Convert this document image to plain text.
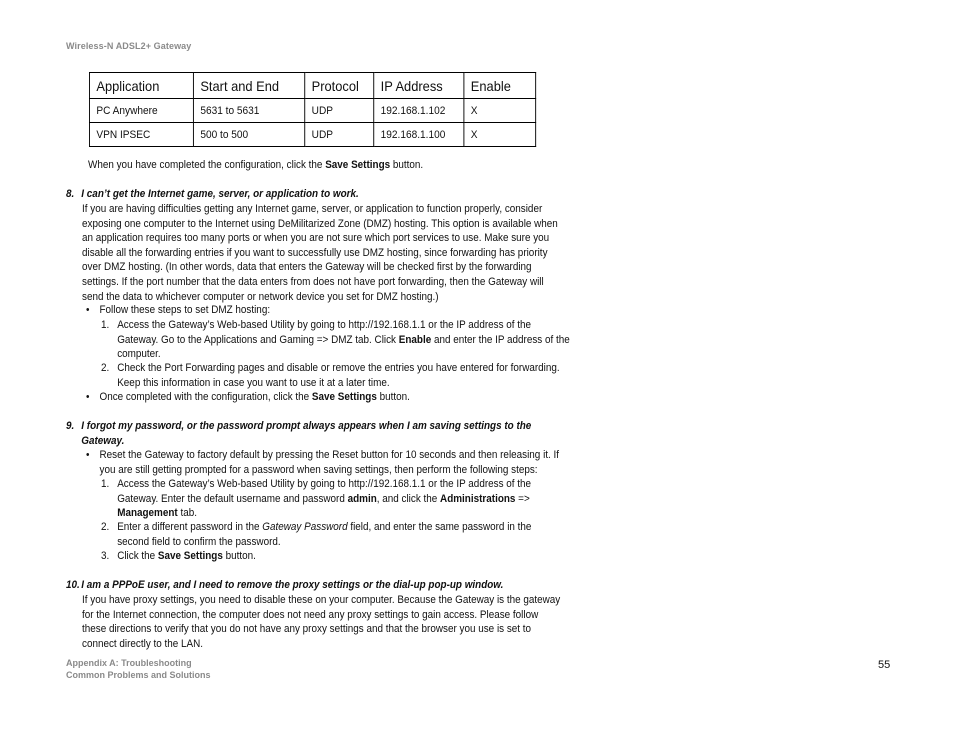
Wireless-N ADSL2+ Gateway
Application	Start and End	Protocol	IP Address	Enable
PC Anywhere	5631 to 5631	UDP	192.168.1.102	X
VPN IPSEC	500 to 500	UDP	192.168.1.100	X
When you have completed the configuration, click the Save Settings button.
8. I can’t get the Internet game, server, or application to work.
If you are having difficulties getting any Internet game, server, or application to function properly, consider
exposing one computer to the Internet using DeMilitarized Zone (DMZ) hosting. This option is available when
an application requires too many ports or when you are not sure which port services to use. Make sure you
disable all the forwarding entries if you want to successfully use DMZ hosting, since forwarding has priority
over DMZ hosting. (In other words, data that enters the Gateway will be checked first by the forwarding
settings. If the port number that the data enters from does not have port forwarding, then the Gateway will
send the data to whichever computer or network device you set for DMZ hosting.)
• Follow these steps to set DMZ hosting:
1. Access the Gateway’s Web-based Utility by going to http://192.168.1.1 or the IP address of the
Gateway. Go to the Applications and Gaming => DMZ tab. Click Enable and enter the IP address of the
computer.
2. Check the Port Forwarding pages and disable or remove the entries you have entered for forwarding.
Keep this information in case you want to use it at a later time.
• Once completed with the configuration, click the Save Settings button.
9. I forgot my password, or the password prompt always appears when I am saving settings to the
Gateway.
• Reset the Gateway to factory default by pressing the Reset button for 10 seconds and then releasing it. If
you are still getting prompted for a password when saving settings, then perform the following steps:
1. Access the Gateway’s Web-based Utility by going to http://192.168.1.1 or the IP address of the
Gateway. Enter the default username and password admin, and click the Administrations =>
Management tab.
2. Enter a different password in the Gateway Password field, and enter the same password in the
second field to confirm the password.
3. Click the Save Settings button.
10. I am a PPPoE user, and I need to remove the proxy settings or the dial-up pop-up window.
If you have proxy settings, you need to disable these on your computer. Because the Gateway is the gateway
for the Internet connection, the computer does not need any proxy settings to gain access. Please follow
these directions to verify that you do not have any proxy settings and that the browser you use is set to
connect directly to the LAN.
Appendix A: Troubleshooting
Common Problems and Solutions
55
